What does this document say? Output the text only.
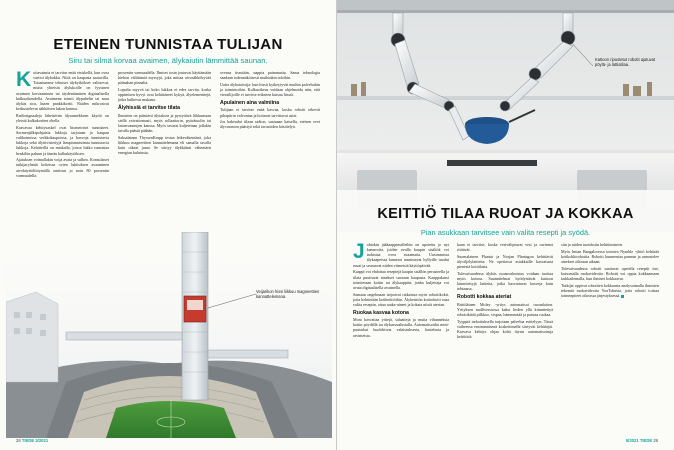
ETEINEN TUNNISTAA TULIJAN
Siru tai silmä korvaa avaimen, älykaiutin lämmittää saunan.

Kotiavaimia ei tarvitse enää etsiskellä, kun ovea vartioi älykakku. Niitä on kaupasta saatavilla. Tutustumme tekniset älykytkökset valitsevat, mutta yhteistä älylukoille on fyysinen avaimen korvaaminen tai täydentäminen digitaalisella kulkuoikeudella. Avaimena toimii älypuhelin tai muu älykäs siru, kuten pankkikortti. Näiden mikrosirut keskustelevat sähköisen lukon kanssa.

Radiosignaaleja lähettävän älyrannekkeen käyttö on yleistä kulkukortien ohella.

Kasvavaa kehitysaskel ovat biometriset tunnisteet. Sormenjälkipohjaisia lukkoja tarjotaan jo kaupan valikoimissa verkkokaupoissa, ja kasvoja tunnistavia lukkoja sekä älytiivistettyjä lämpöunnistimia tunnistavia lukkoja. Kehitteillä on matkalla, joissa lukko tunnistaa henkilön paluun ja tämän kulkukäytöksen.

Ajatuksen voimallakin voija avata ja sulkea. Konsulaiset tutkijaryhmät kokeissa ovien lukituksen avaaminen aivokäyttöliittymällä onnistui jo noin 80 prosentin varmuudella.

prosentin varmuudella. Ilmiset tosin joutuvat käyttämään kiekon välittämiä myssyjä, joka mittaa aivosähkökyvää päänahan pinnalta.

Lopulta myyvä tai koko lukkoa ei edes tarvita, koska oppimisen kyvyt ovat kehittäneet kykyä, älyelementtejä, jotka kulkevat mukana.

Älyhissiä ei tarvitse tilata

Ihmisten on päästävä älytaloon ja pystyttävä liikkumaan siellä vaivattomasti, myös rollaattorin, pyörätuolin tai lastenvaunujen kanssa. Myös tavarat kuljetetaan jollakin tavalla päästä päähän.

Saksalainen ThyssenKrupp testaa leikeväkentänä, joka liikkuu magneettien kannattelemana eli samalla tavalla kuin oikeat junat. Se siirtyy älykkäästi vähentäen energian kulutusta.

ovensa itsestään, nappia painamatta. Sama teknologia saadaan todennäköisesti muihinkin taloihin.

Uutta älykotoitsija: kun hissit kytkeytyvät muihin palveluihin ja toimintoihin. Kulkuoikeus voidaan ohjelmoida niin, että vierailijoille ei tarvitse erikseen kutsua hissiä.

Apulainen aina valmiina

Tulijaan ei tarvitse enää kasvaa, koska robotit tekevät pihapiirin valvontaa ja hoitavat tarvittavat asiat.

Jos hakeudut tilaan radion, saatuaan katsella, eteisen ovet älyvaraston päästyä sekä tavaroiden käsittelyä.

Veijarikon hissi liikkuu magneettien kannattelemana.
28 TIEDE 3/2021
Kattoon ripustetut robotit ajatuvat pöytä- ja lattiatilaa.
KEITTIÖ TILAA RUOAT JA KOKKAA
Pian asukkaan tarvitsee vain valita resepti ja syödä.

Johtokin jääkaappimalleihin on upotettu jo nyt kameroita, joiden avulla kaapin sisältöä voi tarkistaa ovea avaamatta. Uusimmissa älykaapeissa kamerat tunnistavat hyllyille tuodut ruuat ja seuraavat niiden viimeistä käyttöpäivää.

Kaappi voi ehdottaa reseptejä kaapin sisällön perusteella ja tilata puuttuvat ainekset suoraan kaupasta. Kauppakassi toimitetaan kotiin tai älykaappiin, jonka kuljettaja voi avata digitaalisella avaimella.

Samaan ongelmaan tarjoavat ratkaisua myös robottikokit, joita kehitetään kotikeittiöihin. Älykeittiön kotirobotti osaa valita reseptin, ottaa raaka-aineet ja kokata niistä aterian.

Ruokaa kasvaa kotona

Moni kasvattaa yrttejä, salaatteja ja muita vihanneksia kotiin pöydällä tai älykasvualustalla. Automatisoidut mini-puutarhat huolehtivat valaistuksesta, kastelusta ja ravinteista.

kaan ei tarvitse, koska vesivälipiuvat vesi ja ravinnot riittävät.

Suomalainen Plantui ja Norjan Plantagon kehittävät älyviljelylaitteita. Ne opettavat asiakkaille kasvatusta pienestä kotitilasta.

Tulevaisuudessa älykäs ruoanvalmistus voidaan tuottaa myös kotona. Suunnitelmat hyödyntävät kattoon kiinnitettyjä laitteita, jotka kasvattavat kasveja kuin tehtaassa.

Robotti kokkaa ateriat

Brittiläinen Moley -yritys automatisoi ruoanlaiton. Yrityksen malliversiossa kaksi lieden yllä kiinnitettyä robottikättä pilkkoo, vispaa, hämmentää ja paistaa ruokaa.

Tyyppiä tarkoituksella tarjotaan palvelua esittelyyn. Tässä vaiheessa ensimmäisenä koskettimella siirtyvät kehittäjät. Kasvava kehitys ohjaa kohti täysin automatisoituja keittiöitä.

siin ja niiden tuotoksiin kehittimiseen.

Myös Intian Bangaloressa toimiva Nymble -yhtiö kehittää kotikokkirobottia. Robotti kuumentaa pannun ja annostelee ainekset oikeaan aikaan.

Tulevaisuudessa robotit saattavat opetella reseptit itse, katsomalla ruokavideoita. Robotti voi oppia kokkaamaan tarkkailemalla, kun ihmiset kokkaavat.

Tutkijat oppivat robottien kokkausta analysoimalla ihmisten tekemiä ruokavideoita YouTubesta, jotta robotti toistaa toimenpiteet oikeassa järjestyksessä.

5/2021 TIEDE 29
